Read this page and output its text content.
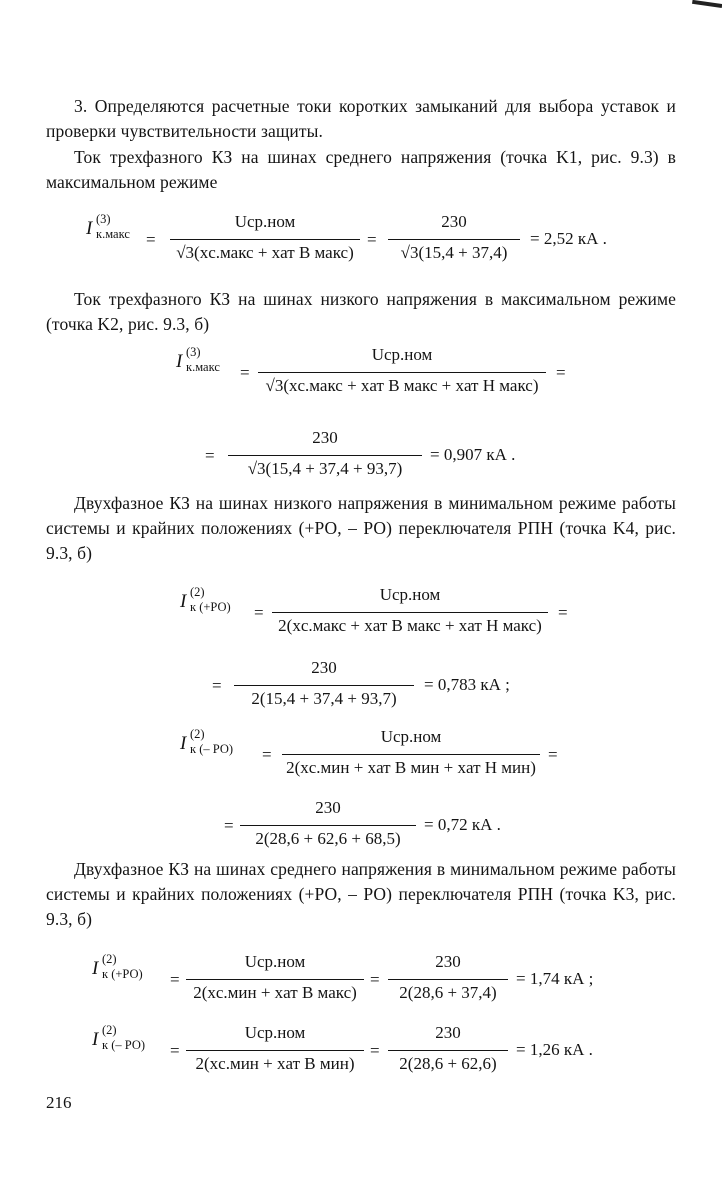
3. Определяются расчетные токи коротких замыканий для выбора уставок и проверки чувствительности защиты.

Ток трехфазного КЗ на шинах среднего напряжения (точка K1, рис. 9.3) в максимальном режиме

I (3)
к.макс =
Uср.ном
√3(xс.макс + xат В макс)
=
230
√3(15,4 + 37,4)
= 2,52 кА .

Ток трехфазного КЗ на шинах низкого напряжения в максимальном режиме (точка K2, рис. 9.3, б)

I (3)
к.макс =
Uср.ном
√3(xс.макс + xат В макс + xат Н макс)
=
=
230
√3(15,4 + 37,4 + 93,7)
= 0,907 кА .

Двухфазное КЗ на шинах низкого напряжения в минимальном режиме работы системы и крайних положениях (+РО, – РО) переключателя РПН (точка K4, рис. 9.3, б)

I (2)
к (+РО) =
Uср.ном
2(xс.макс + xат В макс + xат Н макс)
=
=
230
2(15,4 + 37,4 + 93,7)
= 0,783 кА ;
I (2)
к (– РО) =
Uср.ном
2(xс.мин + xат В мин + xат Н мин)
=
=
230
2(28,6 + 62,6 + 68,5)
= 0,72 кА .

Двухфазное КЗ на шинах среднего напряжения в минимальном режиме работы системы и крайних положениях (+РО, – РО) переключателя РПН (точка K3, рис. 9.3, б)

I (2)
к (+РО) =
Uср.ном
2(xс.мин + xат В макс)
=
230
2(28,6 + 37,4)
= 1,74 кА ;
I (2)
к (– РО) =
Uср.ном
2(xс.мин + xат В мин)
=
230
2(28,6 + 62,6)
= 1,26 кА .
216
